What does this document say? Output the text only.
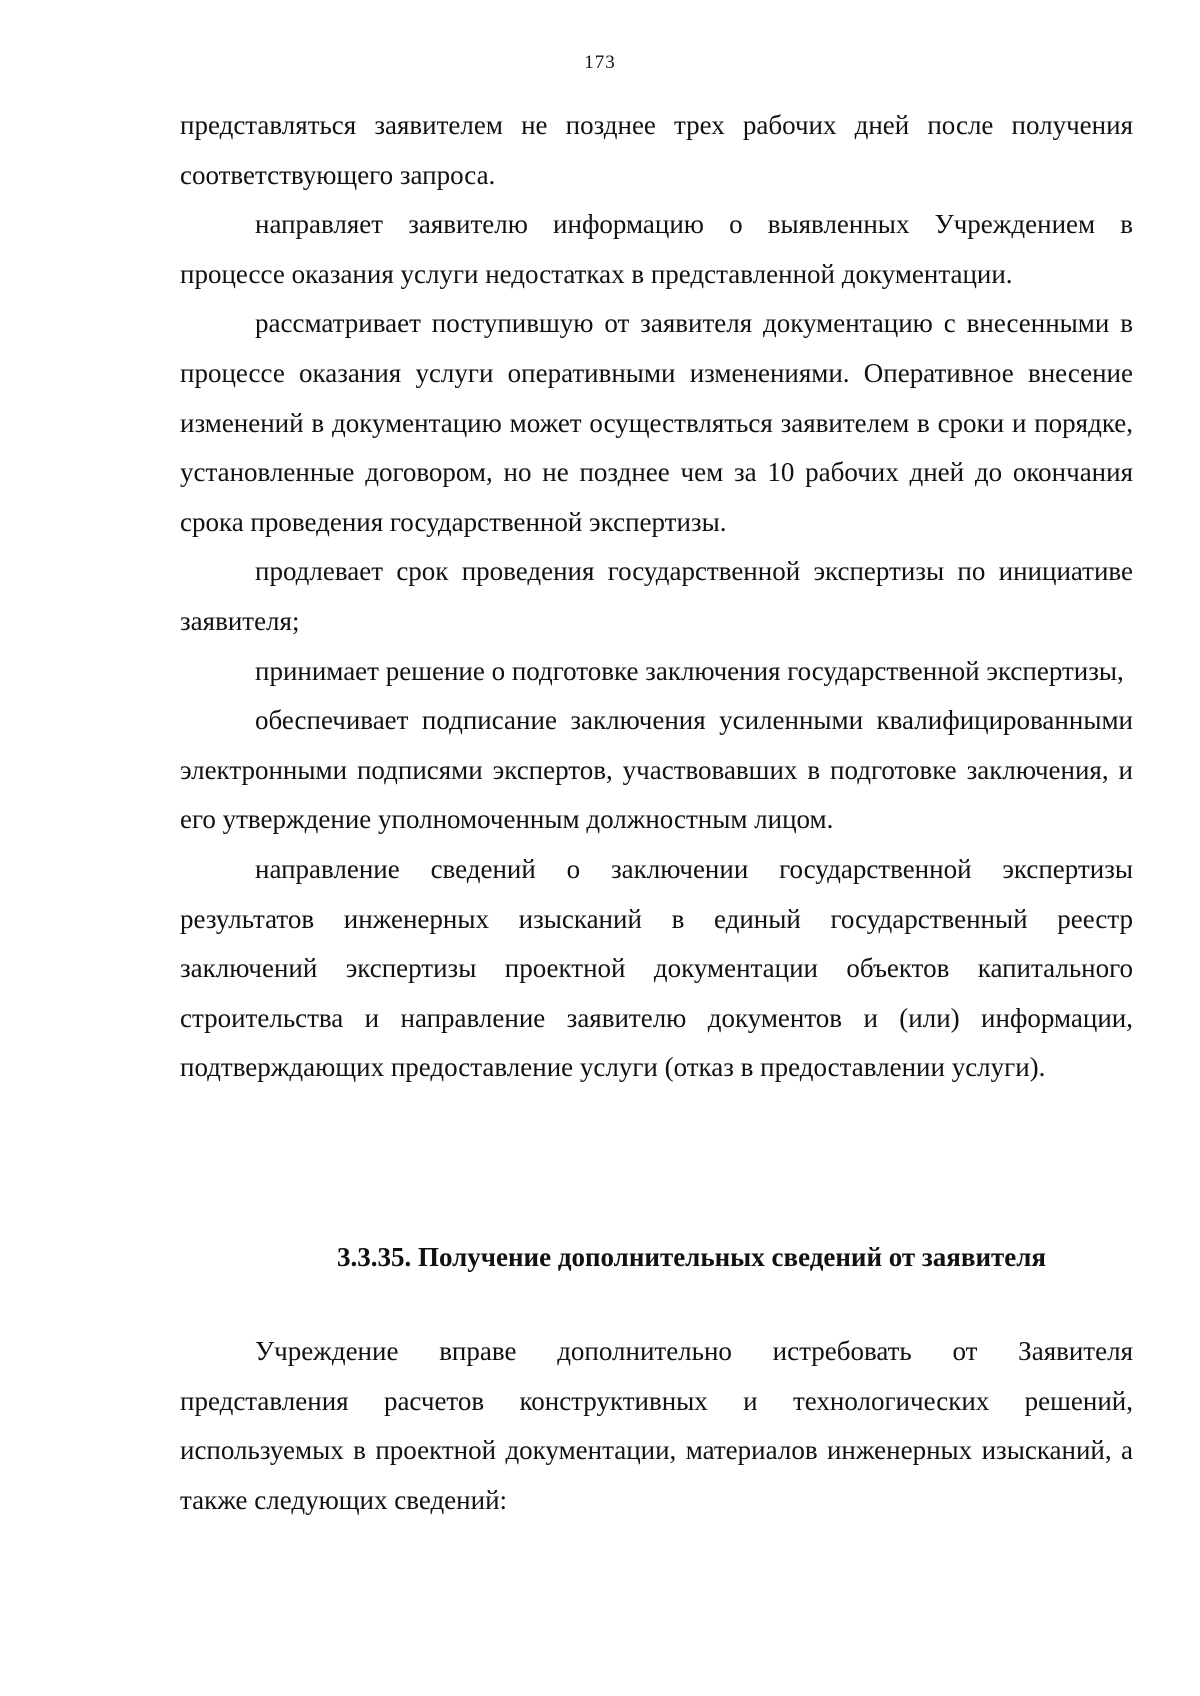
173

представляться заявителем не позднее трех рабочих дней после получения соответствующего запроса.

направляет заявителю информацию о выявленных Учреждением в процессе оказания услуги недостатках в представленной документации.

рассматривает поступившую от заявителя документацию с внесенными в процессе оказания услуги оперативными изменениями. Оперативное внесение изменений в документацию может осуществляться заявителем в сроки и порядке, установленные договором, но не позднее чем за 10 рабочих дней до окончания срока проведения государственной экспертизы.

продлевает срок проведения государственной экспертизы по инициативе заявителя;

принимает решение о подготовке заключения государственной экспертизы,

обеспечивает подписание заключения усиленными квалифицированными электронными подписями экспертов, участвовавших в подготовке заключения, и его утверждение уполномоченным должностным лицом.

направление сведений о заключении государственной экспертизы результатов инженерных изысканий в единый государственный реестр заключений экспертизы проектной документации объектов капитального строительства и направление заявителю документов и (или) информации, подтверждающих предоставление услуги (отказ в предоставлении услуги).

3.3.35. Получение дополнительных сведений от заявителя

Учреждение вправе дополнительно истребовать от Заявителя представления расчетов конструктивных и технологических решений, используемых в проектной документации, материалов инженерных изысканий, а также следующих сведений:
